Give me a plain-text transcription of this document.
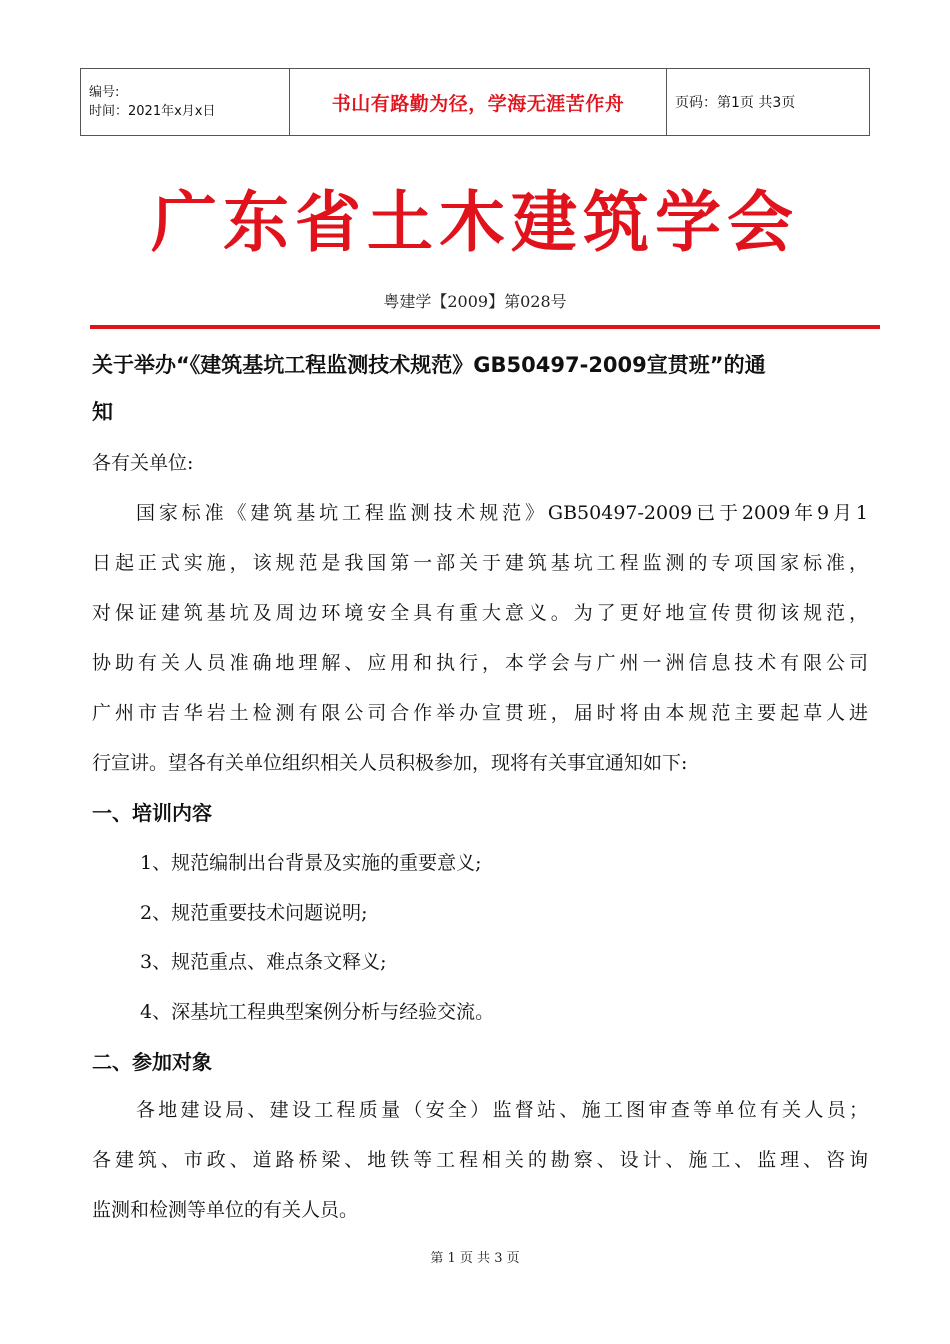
编号:
时间：2021年x月x日	书山有路勤为径，学海无涯苦作舟	页码：第1页 共3页
广东省土木建筑学会
粤建学【2009】第028号
关于举办“《建筑基坑工程监测技术规范》GB50497-2009宣贯班”的通
知
各有关单位:

国家标准《建筑基坑工程监测技术规范》GB50497-2009已于2009年9月1

日起正式实施，该规范是我国第一部关于建筑基坑工程监测的专项国家标准，

对保证建筑基坑及周边环境安全具有重大意义。为了更好地宣传贯彻该规范，

协助有关人员准确地理解、应用和执行，本学会与广州一洲信息技术有限公司

广州市吉华岩土检测有限公司合作举办宣贯班，届时将由本规范主要起草人进

行宣讲。望各有关单位组织相关人员积极参加，现将有关事宜通知如下:

一、培训内容
1、规范编制出台背景及实施的重要意义;
2、规范重要技术问题说明;
3、规范重点、难点条文释义;
4、深基坑工程典型案例分析与经验交流。
二、参加对象

各地建设局、建设工程质量（安全）监督站、施工图审查等单位有关人员；

各建筑、市政、道路桥梁、地铁等工程相关的勘察、设计、施工、监理、咨询

监测和检测等单位的有关人员。

第 1 页 共 3 页
